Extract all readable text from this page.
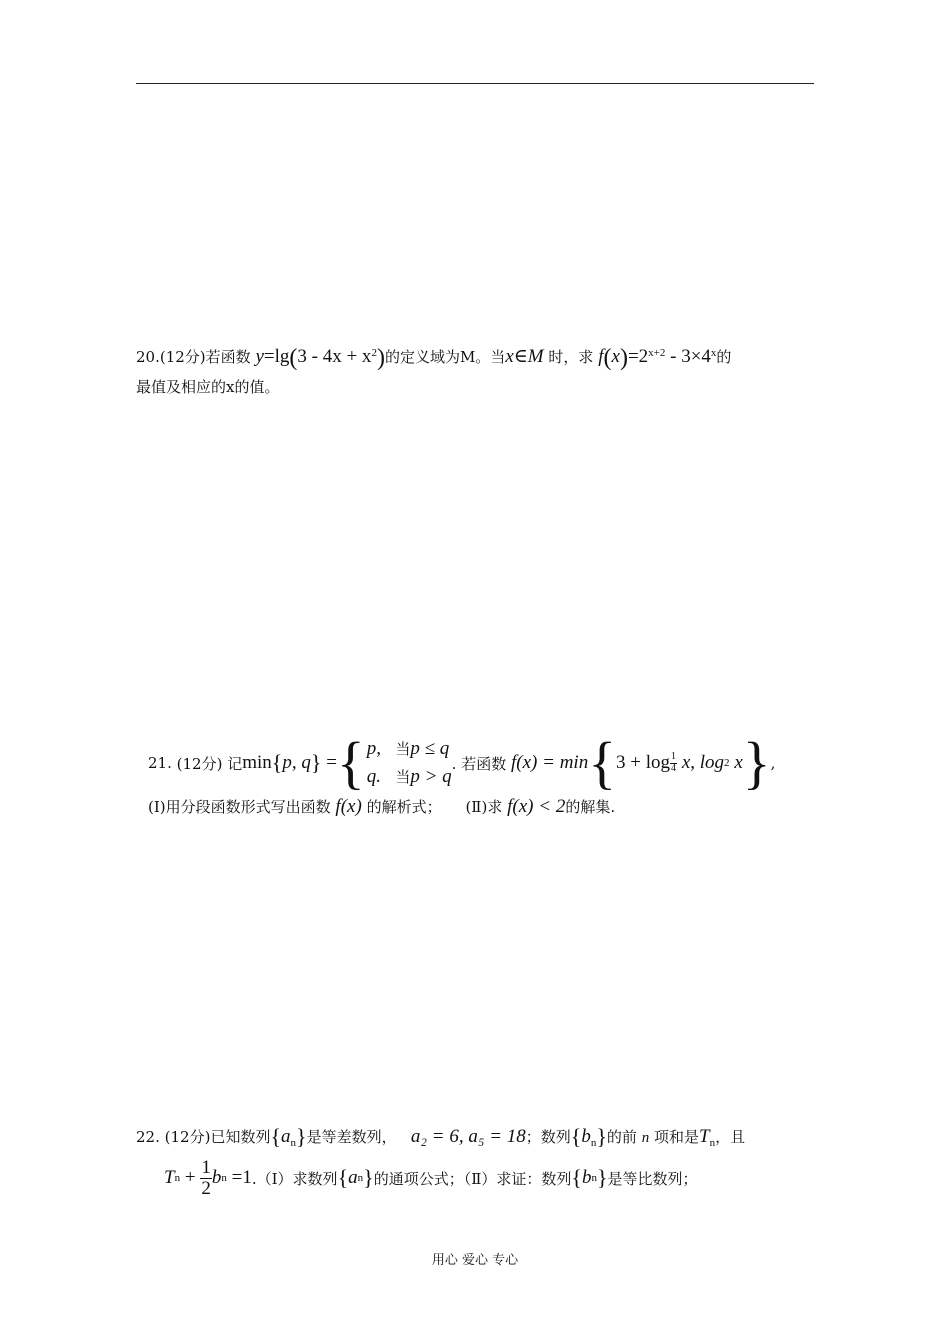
20.(12分)若函数 $y=\lg(3 - 4x + x^2)$的定义域为M。当x∈M 时，求 $f(x)=2^{x+2} - 3\times 4^x$的
最值及相应的x的值。
21.
(12分)
记 min { p, q }
= { p, 当p ≤ q
q. 当p > q
. 若函数
f(x) = min { $3 + \log \frac{1}{4}$
x, log 2
x } ,
(Ⅰ)用分段函数形式写出函数 f(x) 的解析式； (Ⅱ)求 f(x) < 2的解集.
22. (12分)已知数列$\{a_n\}$是等差数列， a₂ = 6, a₅ = 18；数列$\{b_n\}$的前 n 项和是$T_n$，且
T n
+
$\frac{1}{2}$ b n
=1 .（Ⅰ）求数列 { a n } 的通项公式；（Ⅱ）求证：数列 { b n } 是等比数列；
用心 爱心 专心
